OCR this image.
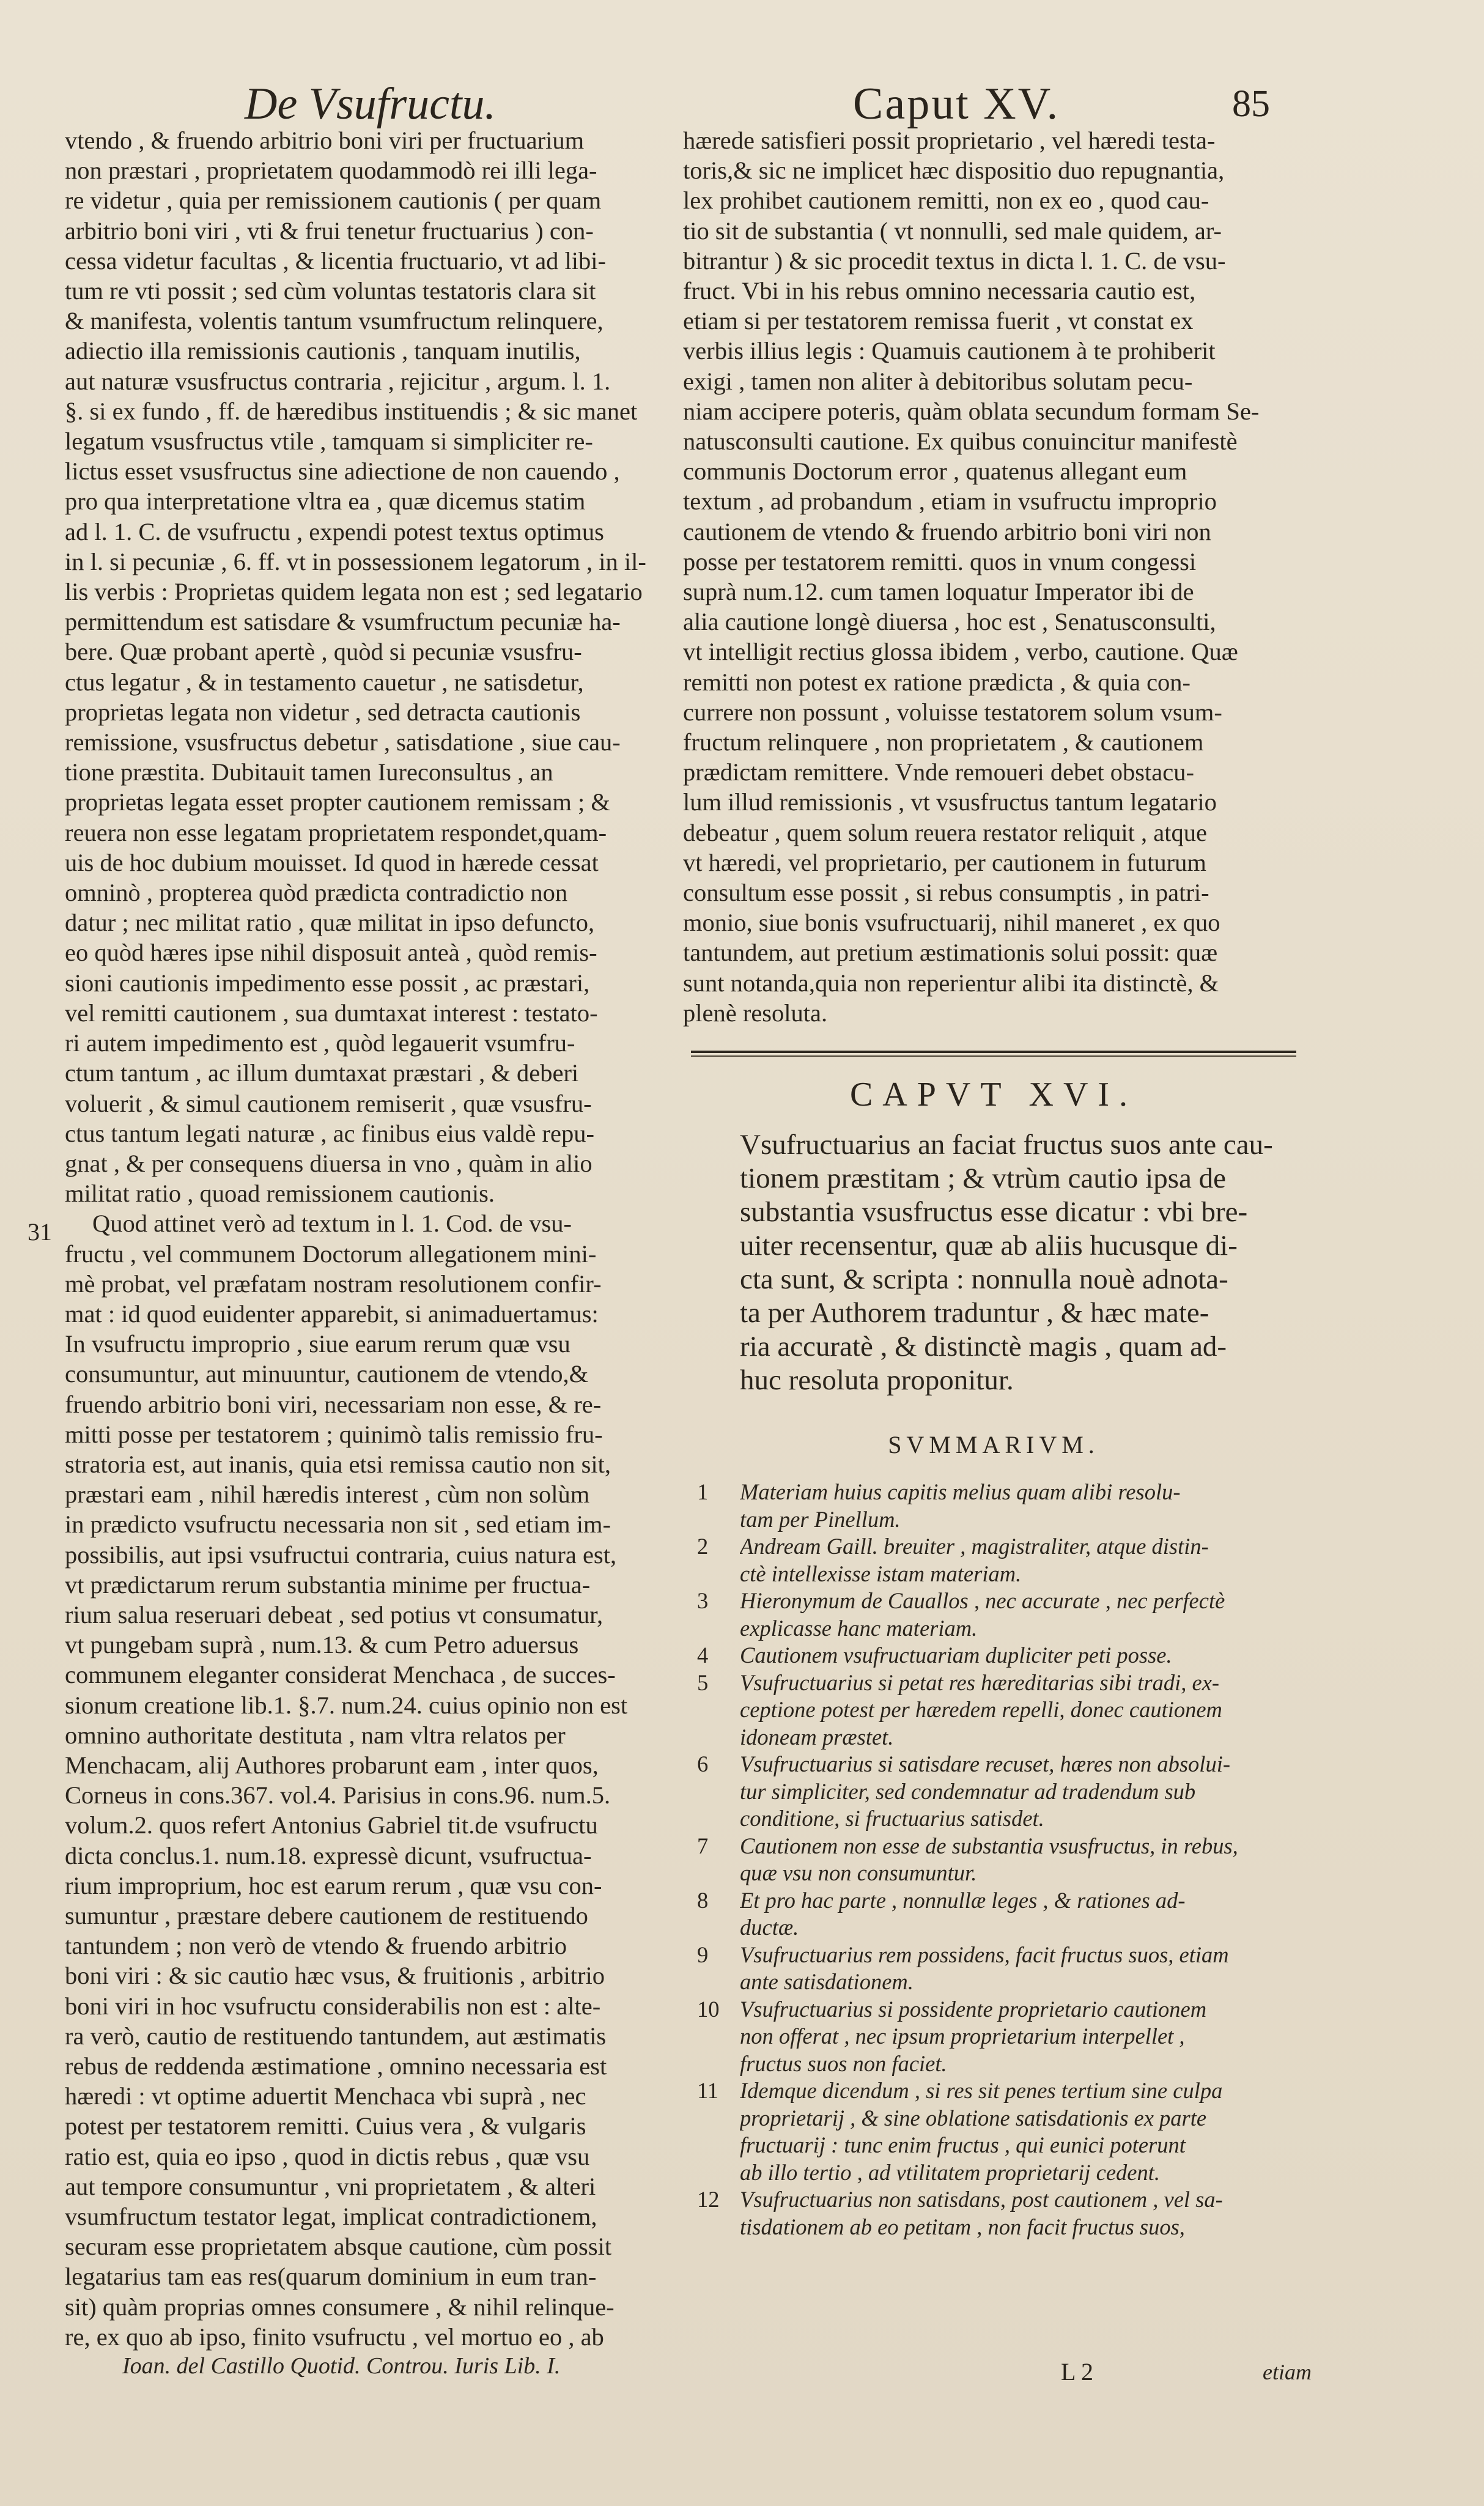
De Vsufructu.	Caput XV.	85
31
vtendo , & fruendo arbitrio boni viri per fructuarium
non præstari , proprietatem quodammodò rei illi lega-
re videtur , quia per remissionem cautionis ( per quam
arbitrio boni viri , vti & frui tenetur fructuarius ) con-
cessa videtur facultas , & licentia fructuario, vt ad libi-
tum re vti possit ; sed cùm voluntas testatoris clara sit
& manifesta, volentis tantum vsumfructum relinquere,
adiectio illa remissionis cautionis , tanquam inutilis,
aut naturæ vsusfructus contraria , rejicitur , argum. l. 1.
§. si ex fundo , ff. de hæredibus instituendis ; & sic manet
legatum vsusfructus vtile , tamquam si simpliciter re-
lictus esset vsusfructus sine adiectione de non cauendo ,
pro qua interpretatione vltra ea , quæ dicemus statim
ad l. 1. C. de vsufructu , expendi potest textus optimus
in l. si pecuniæ , 6. ff. vt in possessionem legatorum , in il-
lis verbis : Proprietas quidem legata non est ; sed legatario
permittendum est satisdare & vsumfructum pecuniæ ha-
bere. Quæ probant apertè , quòd si pecuniæ vsusfru-
ctus legatur , & in testamento cauetur , ne satisdetur,
proprietas legata non videtur , sed detracta cautionis
remissione, vsusfructus debetur , satisdatione , siue cau-
tione præstita. Dubitauit tamen Iureconsultus , an
proprietas legata esset propter cautionem remissam ; &
reuera non esse legatam proprietatem respondet,quam-
uis de hoc dubium mouisset. Id quod in hærede cessat
omninò , propterea quòd prædicta contradictio non
datur ; nec militat ratio , quæ militat in ipso defuncto,
eo quòd hæres ipse nihil disposuit anteà , quòd remis-
sioni cautionis impedimento esse possit , ac præstari,
vel remitti cautionem , sua dumtaxat interest : testato-
ri autem impedimento est , quòd legauerit vsumfru-
ctum tantum , ac illum dumtaxat præstari , & deberi
voluerit , & simul cautionem remiserit , quæ vsusfru-
ctus tantum legati naturæ , ac finibus eius valdè repu-
gnat , & per consequens diuersa in vno , quàm in alio
militat ratio , quoad remissionem cautionis.
Quod attinet verò ad textum in l. 1. Cod. de vsu-
fructu , vel communem Doctorum allegationem mini-
mè probat, vel præfatam nostram resolutionem confir-
mat : id quod euidenter apparebit, si animaduertamus:
In vsufructu improprio , siue earum rerum quæ vsu
consumuntur, aut minuuntur, cautionem de vtendo,&
fruendo arbitrio boni viri, necessariam non esse, & re-
mitti posse per testatorem ; quinimò talis remissio fru-
stratoria est, aut inanis, quia etsi remissa cautio non sit,
præstari eam , nihil hæredis interest , cùm non solùm
in prædicto vsufructu necessaria non sit , sed etiam im-
possibilis, aut ipsi vsufructui contraria, cuius natura est,
vt prædictarum rerum substantia minime per fructua-
rium salua reseruari debeat , sed potius vt consumatur,
vt pungebam suprà , num.13. & cum Petro aduersus
communem eleganter considerat Menchaca , de succes-
sionum creatione lib.1. §.7. num.24. cuius opinio non est
omnino authoritate destituta , nam vltra relatos per
Menchacam, alij Authores probarunt eam , inter quos,
Corneus in cons.367. vol.4. Parisius in cons.96. num.5.
volum.2. quos refert Antonius Gabriel tit.de vsufructu
dicta conclus.1. num.18. expressè dicunt, vsufructua-
rium improprium, hoc est earum rerum , quæ vsu con-
sumuntur , præstare debere cautionem de restituendo
tantundem ; non verò de vtendo & fruendo arbitrio
boni viri : & sic cautio hæc vsus, & fruitionis , arbitrio
boni viri in hoc vsufructu considerabilis non est : alte-
ra verò, cautio de restituendo tantundem, aut æstimatis
rebus de reddenda æstimatione , omnino necessaria est
hæredi : vt optime aduertit Menchaca vbi suprà , nec
potest per testatorem remitti. Cuius vera , & vulgaris
ratio est, quia eo ipso , quod in dictis rebus , quæ vsu
aut tempore consumuntur , vni proprietatem , & alteri
vsumfructum testator legat, implicat contradictionem,
securam esse proprietatem absque cautione, cùm possit
legatarius tam eas res(quarum dominium in eum tran-
sit) quàm proprias omnes consumere , & nihil relinque-
re, ex quo ab ipso, finito vsufructu , vel mortuo eo , ab
hærede satisfieri possit proprietario , vel hæredi testa-
toris,& sic ne implicet hæc dispositio duo repugnantia,
lex prohibet cautionem remitti, non ex eo , quod cau-
tio sit de substantia ( vt nonnulli, sed male quidem, ar-
bitrantur ) & sic procedit textus in dicta l. 1. C. de vsu-
fruct. Vbi in his rebus omnino necessaria cautio est,
etiam si per testatorem remissa fuerit , vt constat ex
verbis illius legis : Quamuis cautionem à te prohiberit
exigi , tamen non aliter à debitoribus solutam pecu-
niam accipere poteris, quàm oblata secundum formam Se-
natusconsulti cautione. Ex quibus conuincitur manifestè
communis Doctorum error , quatenus allegant eum
textum , ad probandum , etiam in vsufructu improprio
cautionem de vtendo & fruendo arbitrio boni viri non
posse per testatorem remitti. quos in vnum congessi
suprà num.12. cum tamen loquatur Imperator ibi de
alia cautione longè diuersa , hoc est , Senatusconsulti,
vt intelligit rectius glossa ibidem , verbo, cautione. Quæ
remitti non potest ex ratione prædicta , & quia con-
currere non possunt , voluisse testatorem solum vsum-
fructum relinquere , non proprietatem , & cautionem
prædictam remittere. Vnde remoueri debet obstacu-
lum illud remissionis , vt vsusfructus tantum legatario
debeatur , quem solum reuera restator reliquit , atque
vt hæredi, vel proprietario, per cautionem in futurum
consultum esse possit , si rebus consumptis , in patri-
monio, siue bonis vsufructuarij, nihil maneret , ex quo
tantundem, aut pretium æstimationis solui possit: quæ
sunt notanda,quia non reperientur alibi ita distinctè, &
plenè resoluta.
CAPVT XVI.
Vsufructuarius an faciat fructus suos ante cau-
tionem præstitam ; & vtrùm cautio ipsa de
substantia vsusfructus esse dicatur : vbi bre-
uiter recensentur, quæ ab aliis hucusque di-
cta sunt, & scripta : nonnulla nouè adnota-
ta per Authorem traduntur , & hæc mate-
ria accuratè , & distinctè magis , quam ad-
huc resoluta proponitur.
SVMMARIVM.
1	Materiam huius capitis melius quam alibi resolu-
tam per Pinellum.
2	Andream Gaill. breuiter , magistraliter, atque distin-
ctè intellexisse istam materiam.
3	Hieronymum de Cauallos , nec accurate , nec perfectè
explicasse hanc materiam.
4	Cautionem vsufructuariam dupliciter peti posse.
5	Vsufructuarius si petat res hæreditarias sibi tradi, ex-
ceptione potest per hæredem repelli, donec cautionem
idoneam præstet.
6	Vsufructuarius si satisdare recuset, hæres non absolui-
tur simpliciter, sed condemnatur ad tradendum sub
conditione, si fructuarius satisdet.
7	Cautionem non esse de substantia vsusfructus, in rebus,
quæ vsu non consumuntur.
8	Et pro hac parte , nonnullæ leges , & rationes ad-
ductæ.
9	Vsufructuarius rem possidens, facit fructus suos, etiam
ante satisdationem.
10 Vsufructuarius si possidente proprietario cautionem
non offerat , nec ipsum proprietarium interpellet ,
fructus suos non faciet.
11 Idemque dicendum , si res sit penes tertium sine culpa
proprietarij , & sine oblatione satisdationis ex parte
fructuarij : tunc enim fructus , qui eunici poterunt
ab illo tertio , ad vtilitatem proprietarij cedent.
12 Vsufructuarius non satisdans, post cautionem , vel sa-
tisdationem ab eo petitam , non facit fructus suos,
Ioan. del Castillo Quotid. Controu. Iuris Lib. I.	L 2	etiam
